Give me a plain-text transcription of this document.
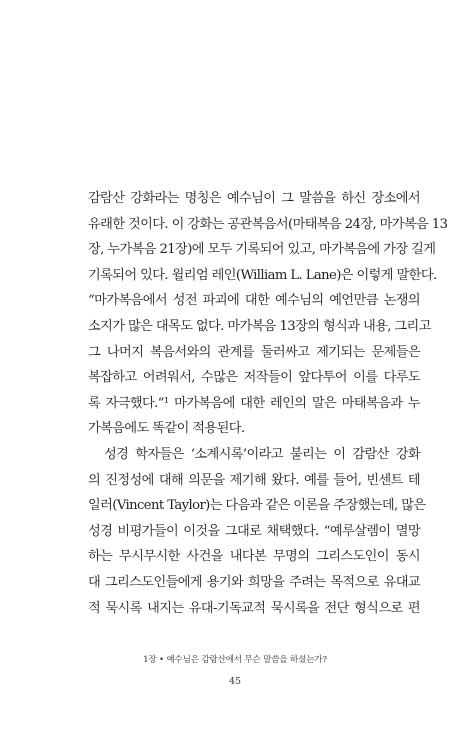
감람산 강화라는 명칭은 예수님이 그 말씀을 하신 장소에서
유래한 것이다. 이 강화는 공관복음서(마태복음 24장, 마가복음 13
장, 누가복음 21장)에 모두 기록되어 있고, 마가복음에 가장 길게
기록되어 있다. 윌리엄 레인(William L. Lane)은 이렇게 말한다.
“마가복음에서 성전 파괴에 대한 예수님의 예언만큼 논쟁의
소지가 많은 대목도 없다. 마가복음 13장의 형식과 내용, 그리고
그 나머지 복음서와의 관계를 둘러싸고 제기되는 문제들은
복잡하고 어려워서, 수많은 저작들이 앞다투어 이를 다루도
록 자극했다.”¹ 마가복음에 대한 레인의 말은 마태복음과 누
가복음에도 똑같이 적용된다.
성경 학자들은 ‘소계시록’이라고 불리는 이 감람산 강화
의 진정성에 대해 의문을 제기해 왔다. 예를 들어, 빈센트 테
일러(Vincent Taylor)는 다음과 같은 이론을 주장했는데, 많은
성경 비평가들이 이것을 그대로 채택했다. “예루살렘이 멸망
하는 무시무시한 사건을 내다본 무명의 그리스도인이 동시
대 그리스도인들에게 용기와 희망을 주려는 목적으로 유대교
적 묵시록 내지는 유대-기독교적 묵시록을 전단 형식으로 편
1장 • 예수님은 감람산에서 무슨 말씀을 하셨는가?
45
